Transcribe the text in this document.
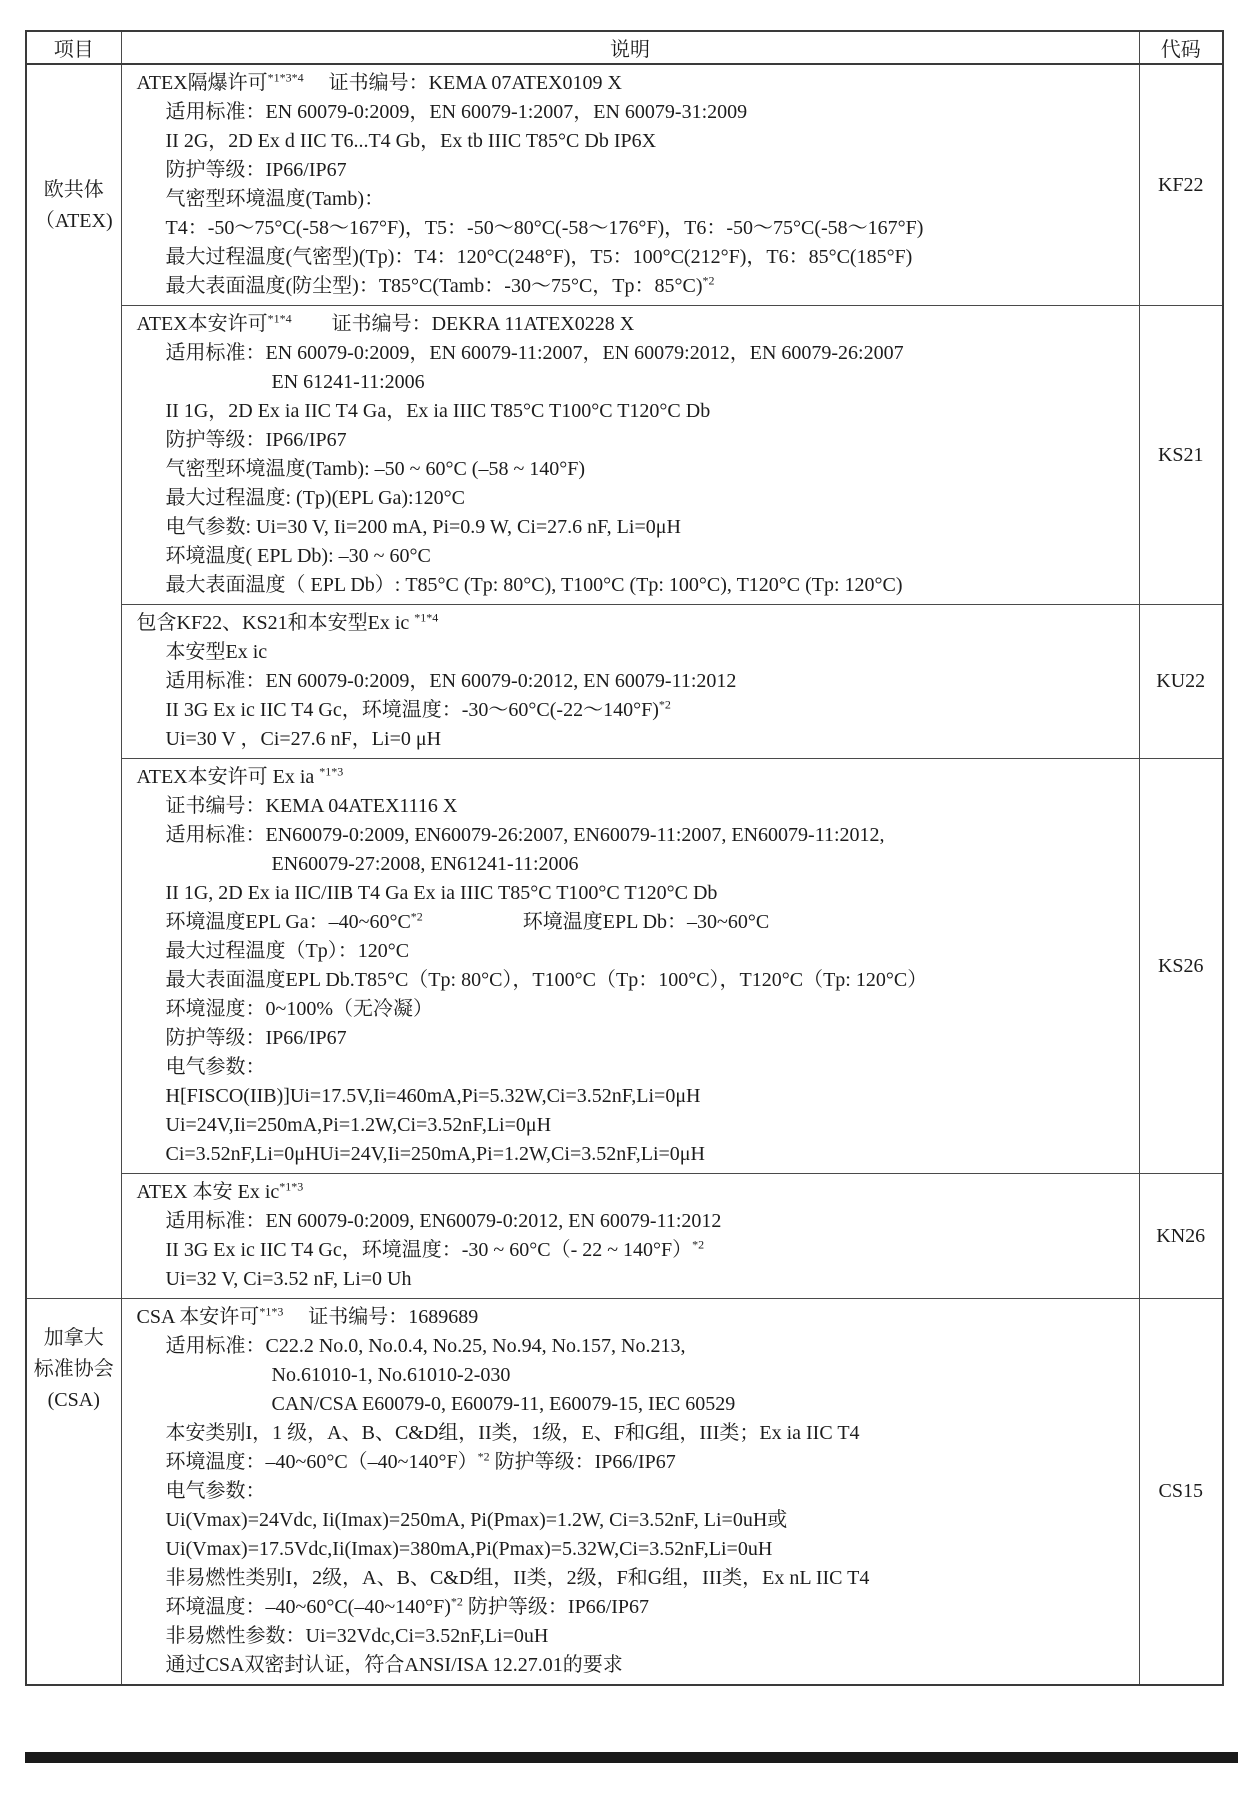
项目	说明	代码

欧共体
（ATEX)

ATEX隔爆许可$^{*1*3*4}$　 证书编号：KEMA 07ATEX0109 X
适用标准：EN 60079-0:2009，EN 60079-1:2007，EN 60079-31:2009
II 2G，2D Ex d IIC T6...T4 Gb，Ex tb IIIC T85°C Db IP6X
防护等级：IP66/IP67
气密型环境温度(Tamb)：
T4：-50～75°C(-58～167°F)，T5：-50～80°C(-58～176°F)，T6：-50～75°C(-58～167°F)
最大过程温度(气密型)(Tp)：T4：120°C(248°F)，T5：100°C(212°F)，T6：85°C(185°F)
最大表面温度(防尘型)：T85°C(Tamb：-30～75°C，Tp：85°C)$^{*2}$
	KF22

ATEX本安许可$^{*1*4}$　　证书编号：DEKRA 11ATEX0228 X
适用标准：EN 60079-0:2009，EN 60079-11:2007，EN 60079:2012，EN 60079-26:2007
EN 61241-11:2006
II 1G，2D Ex ia IIC T4 Ga，Ex ia IIIC T85°C T100°C T120°C Db
防护等级：IP66/IP67
气密型环境温度(Tamb): –50 ~ 60°C (–58 ~ 140°F)
最大过程温度: (Tp)(EPL Ga):120°C
电气参数: Ui=30 V, Ii=200 mA, Pi=0.9 W, Ci=27.6 nF, Li=0μH
环境温度( EPL Db): –30 ~ 60°C
最大表面温度（ EPL Db）: T85°C (Tp: 80°C), T100°C (Tp: 100°C), T120°C (Tp: 120°C)
	KS21

	包含KF22、KS21和本安型Ex ic $^{*1*4}$
本安型Ex ic
适用标准：EN 60079-0:2009，EN 60079-0:2012, EN 60079-11:2012
II 3G Ex ic IIC T4 Gc，环境温度：-30～60°C(-22～140°F)$^{*2}$
Ui=30 V ，Ci=27.6 nF，Li=0 μH	KU22

ATEX本安许可 Ex ia $^{*1*3}$
证书编号：KEMA 04ATEX1116 X
适用标准：EN60079-0:2009, EN60079-26:2007, EN60079-11:2007, EN60079-11:2012,
EN60079-27:2008, EN61241-11:2006
II 1G, 2D Ex ia IIC/IIB T4 Ga Ex ia IIIC T85°C T100°C T120°C Db
环境温度EPL Ga：–40~60°C$^{*2}$　　　　　环境温度EPL Db：–30~60°C
最大过程温度（Tp）：120°C
最大表面温度EPL Db.T85°C（Tp: 80°C），T100°C（Tp：100°C），T120°C（Tp: 120°C）
环境湿度：0~100%（无冷凝）
防护等级：IP66/IP67
电气参数：
H[FISCO(IIB)]Ui=17.5V,Ii=460mA,Pi=5.32W,Ci=3.52nF,Li=0μH
Ui=24V,Ii=250mA,Pi=1.2W,Ci=3.52nF,Li=0μH
Ci=3.52nF,Li=0μHUi=24V,Ii=250mA,Pi=1.2W,Ci=3.52nF,Li=0μH
	KS26

	ATEX 本安 Ex ic$^{*1*3}$
适用标准：EN 60079-0:2009, EN60079-0:2012, EN 60079-11:2012
II 3G Ex ic IIC T4 Gc，环境温度：-30 ~ 60°C（- 22 ~ 140°F）$^{*2}$
Ui=32 V, Ci=3.52 nF, Li=0 Uh	KN26

加拿大
标准协会
(CSA)

CSA 本安许可$^{*1*3}$　 证书编号：1689689
适用标准：C22.2 No.0, No.0.4, No.25, No.94, No.157, No.213,
No.61010-1, No.61010-2-030
CAN/CSA E60079-0, E60079-11, E60079-15, IEC 60529
本安类别I，1 级，A、B、C&D组，II类，1级，E、F和G组，III类；Ex ia IIC T4
环境温度：–40~60°C（–40~140°F）$^{*2}$ 防护等级：IP66/IP67
电气参数：
Ui(Vmax)=24Vdc, Ii(Imax)=250mA, Pi(Pmax)=1.2W, Ci=3.52nF, Li=0uH或
Ui(Vmax)=17.5Vdc,Ii(Imax)=380mA,Pi(Pmax)=5.32W,Ci=3.52nF,Li=0uH
非易燃性类别I，2级，A、B、C&D组，II类，2级，F和G组，III类，Ex nL IIC T4
环境温度：–40~60°C(–40~140°F)$^{*2}$ 防护等级：IP66/IP67
非易燃性参数：Ui=32Vdc,Ci=3.52nF,Li=0uH
通过CSA双密封认证，符合ANSI/ISA 12.27.01的要求
	CS15
